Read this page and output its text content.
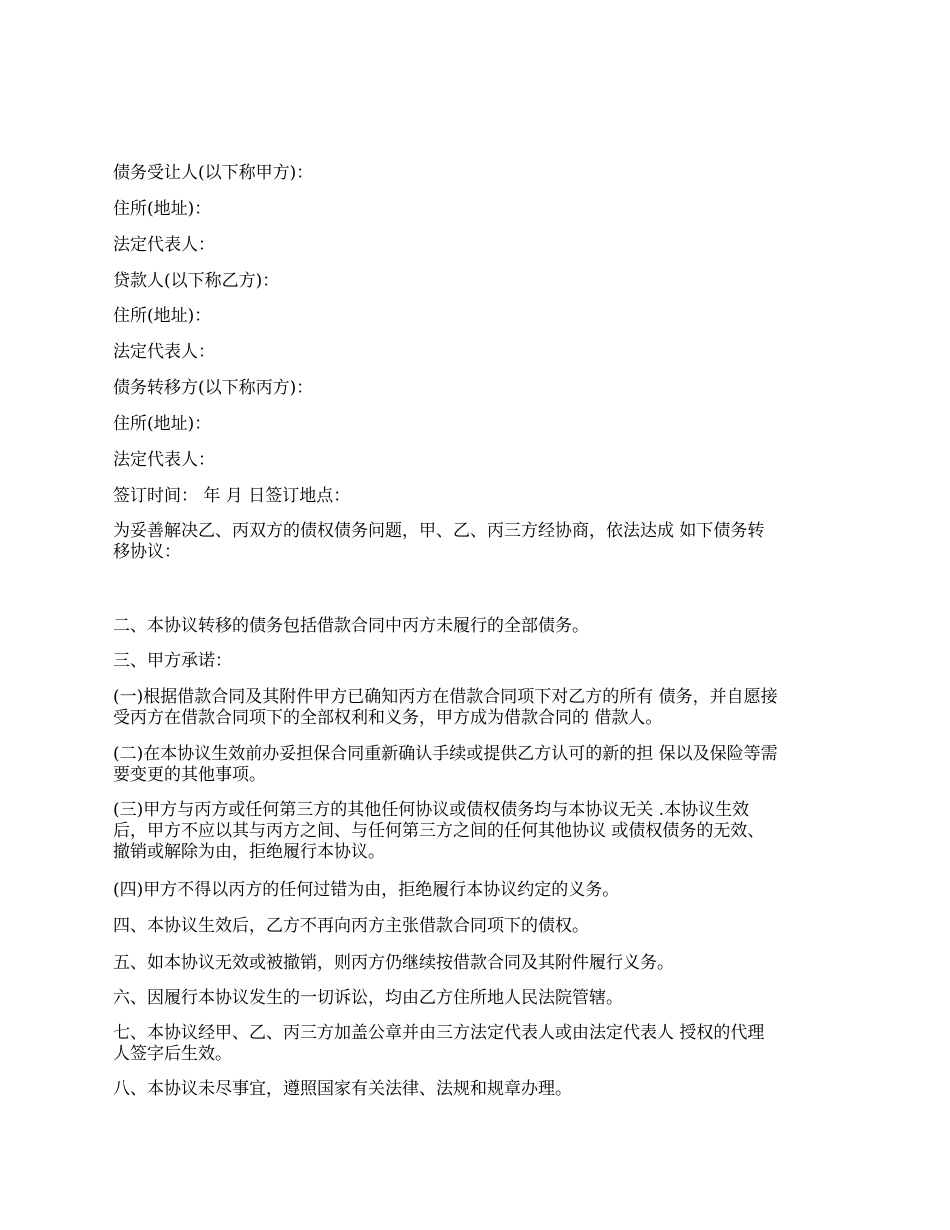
债务受让人(以下称甲方)：
住所(地址)：
法定代表人：
贷款人(以下称乙方)：
住所(地址)：
法定代表人：
债务转移方(以下称丙方)：
住所(地址)：
法定代表人：
签订时间： 年 月 日签订地点：
为妥善解决乙、丙双方的债权债务问题，甲、乙、丙三方经协商，依法达成 如下债务转
移协议：
二、本协议转移的债务包括借款合同中丙方未履行的全部债务。
三、甲方承诺：
(一)根据借款合同及其附件甲方已确知丙方在借款合同项下对乙方的所有 债务，并自愿接
受丙方在借款合同项下的全部权利和义务，甲方成为借款合同的 借款人。
(二)在本协议生效前办妥担保合同重新确认手续或提供乙方认可的新的担 保以及保险等需
要变更的其他事项。
(三)甲方与丙方或任何第三方的其他任何协议或债权债务均与本协议无关 .本协议生效
后，甲方不应以其与丙方之间、与任何第三方之间的任何其他协议 或债权债务的无效、
撤销或解除为由，拒绝履行本协议。
(四)甲方不得以丙方的任何过错为由，拒绝履行本协议约定的义务。
四、本协议生效后，乙方不再向丙方主张借款合同项下的债权。
五、如本协议无效或被撤销，则丙方仍继续按借款合同及其附件履行义务。
六、因履行本协议发生的一切诉讼，均由乙方住所地人民法院管辖。
七、本协议经甲、乙、丙三方加盖公章并由三方法定代表人或由法定代表人 授权的代理
人签字后生效。
八、本协议未尽事宜，遵照国家有关法律、法规和规章办理。
